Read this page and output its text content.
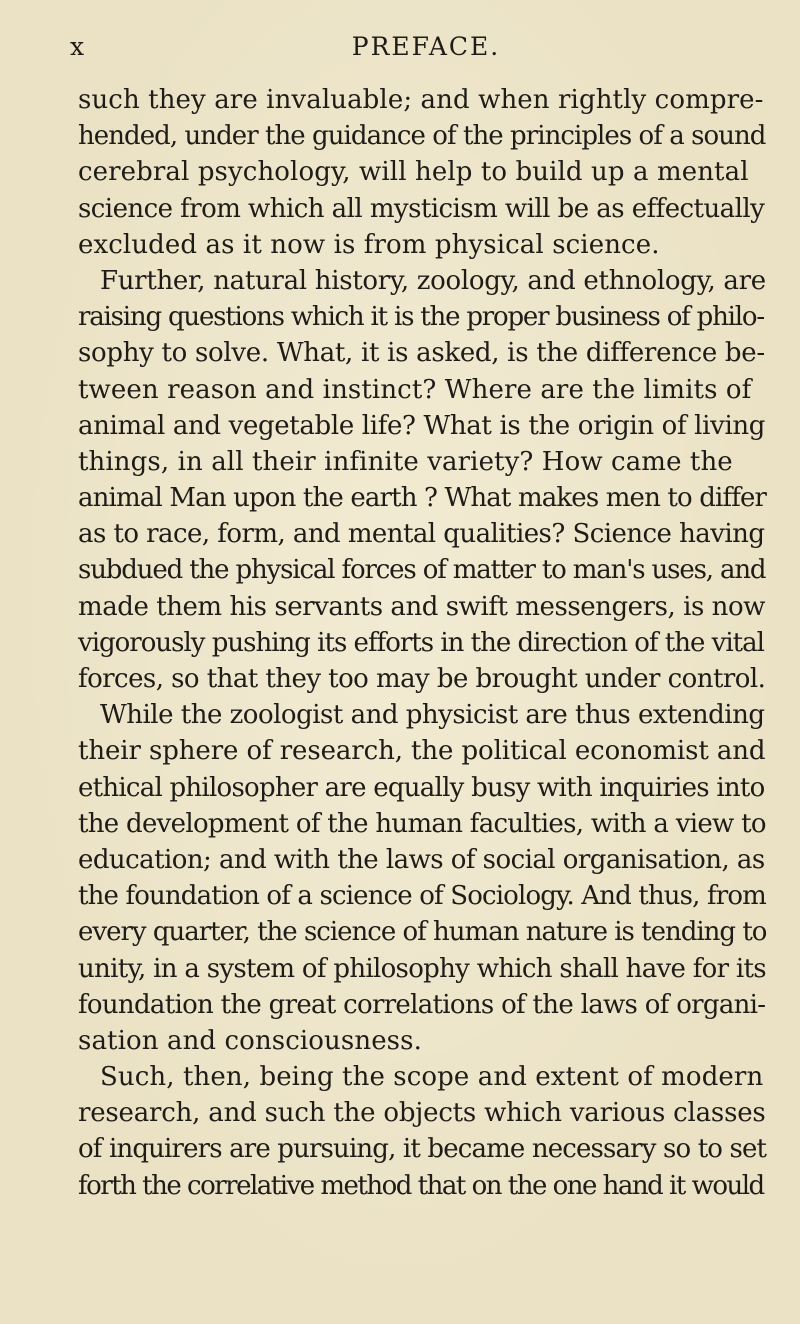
x	PREFACE.
such they are invaluable; and when rightly compre-
hended, under the guidance of the principles of a sound
cerebral psychology, will help to build up a mental
science from which all mysticism will be as effectually
excluded as it now is from physical science.
Further, natural history, zoology, and ethnology, are
raising questions which it is the proper business of philo-
sophy to solve. What, it is asked, is the difference be-
tween reason and instinct? Where are the limits of
animal and vegetable life? What is the origin of living
things, in all their infinite variety? How came the
animal Man upon the earth ? What makes men to differ
as to race, form, and mental qualities? Science having
subdued the physical forces of matter to man's uses, and
made them his servants and swift messengers, is now
vigorously pushing its efforts in the direction of the vital
forces, so that they too may be brought under control.
While the zoologist and physicist are thus extending
their sphere of research, the political economist and
ethical philosopher are equally busy with inquiries into
the development of the human faculties, with a view to
education; and with the laws of social organisation, as
the foundation of a science of Sociology. And thus, from
every quarter, the science of human nature is tending to
unity, in a system of philosophy which shall have for its
foundation the great correlations of the laws of organi-
sation and consciousness.
Such, then, being the scope and extent of modern
research, and such the objects which various classes
of inquirers are pursuing, it became necessary so to set
forth the correlative method that on the one hand it would
